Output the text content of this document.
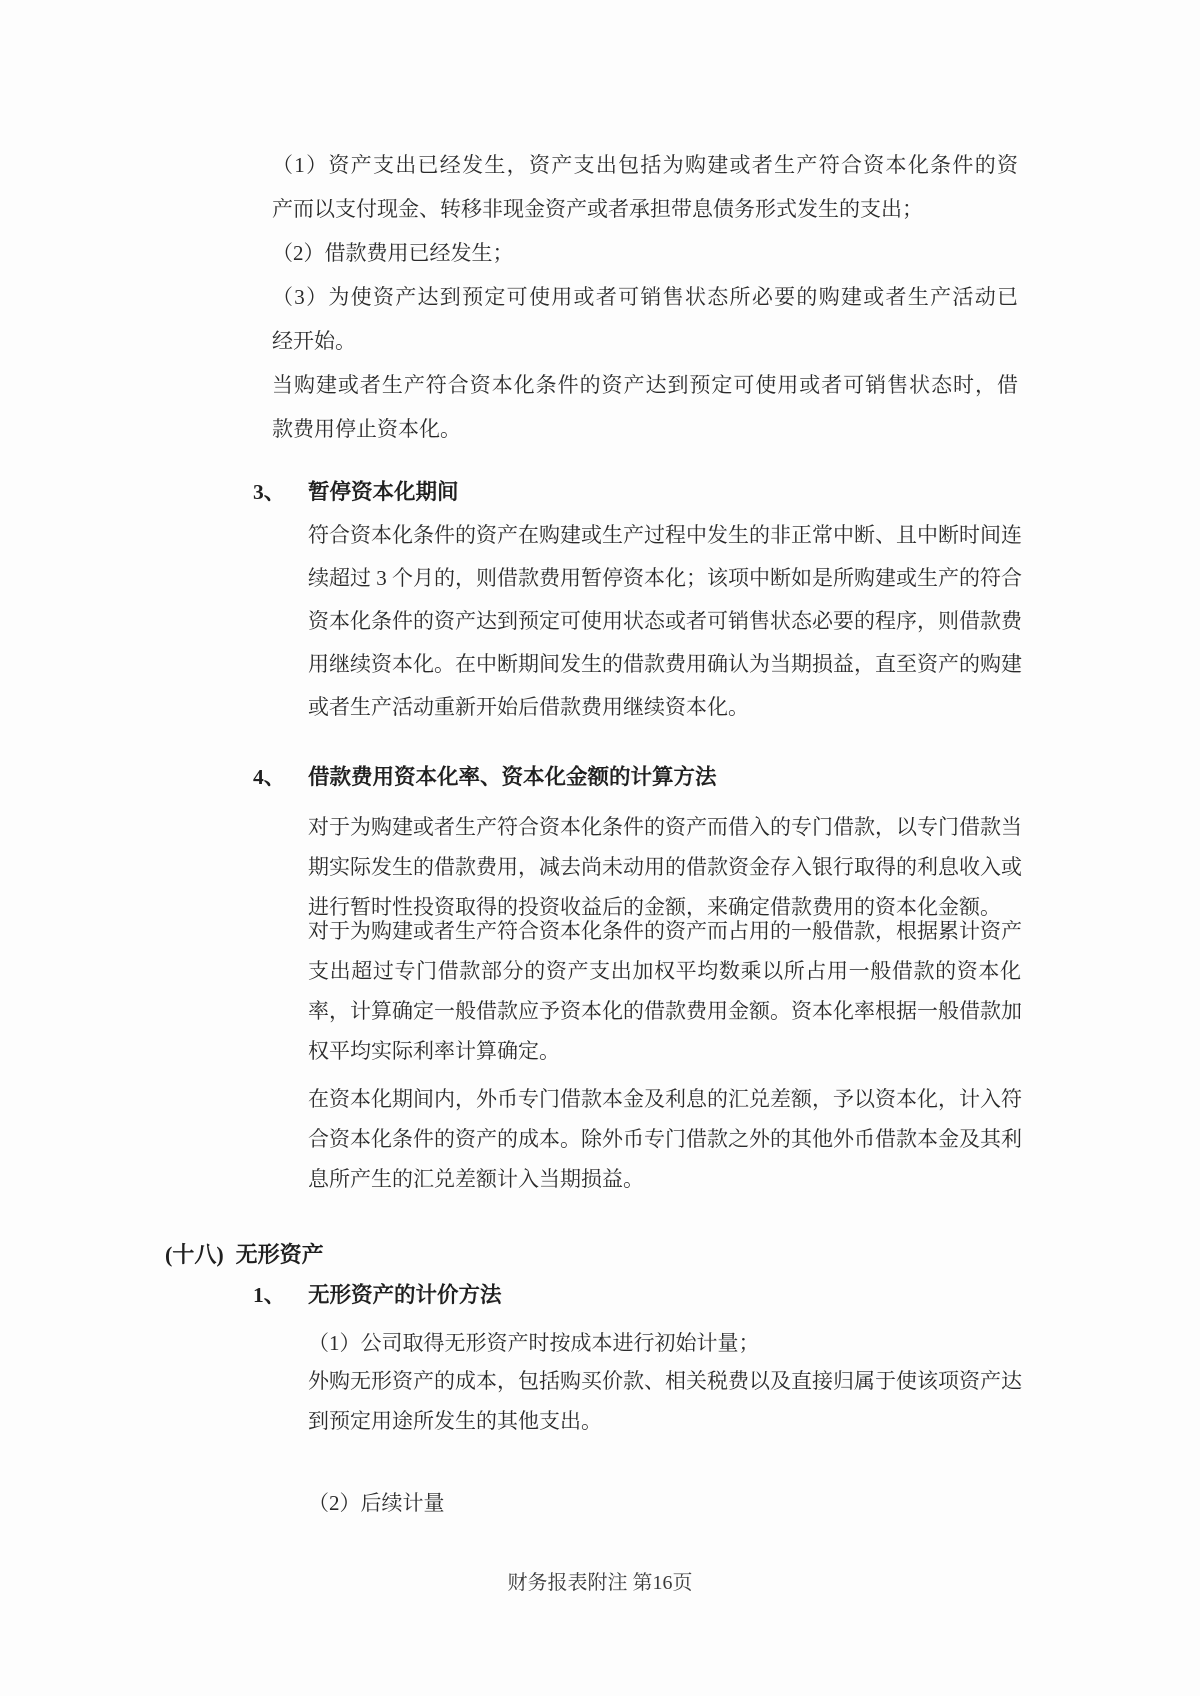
（1）资产支出已经发生，资产支出包括为购建或者生产符合资本化条件的资
产而以支付现金、转移非现金资产或者承担带息债务形式发生的支出；
（2）借款费用已经发生；
（3）为使资产达到预定可使用或者可销售状态所必要的购建或者生产活动已
经开始。
当购建或者生产符合资本化条件的资产达到预定可使用或者可销售状态时，借
款费用停止资本化。
3、 暂停资本化期间
符合资本化条件的资产在购建或生产过程中发生的非正常中断、且中断时间连
续超过 3 个月的，则借款费用暂停资本化；该项中断如是所购建或生产的符合
资本化条件的资产达到预定可使用状态或者可销售状态必要的程序，则借款费
用继续资本化。在中断期间发生的借款费用确认为当期损益，直至资产的购建
或者生产活动重新开始后借款费用继续资本化。
4、 借款费用资本化率、资本化金额的计算方法
对于为购建或者生产符合资本化条件的资产而借入的专门借款，以专门借款当
期实际发生的借款费用，减去尚未动用的借款资金存入银行取得的利息收入或
进行暂时性投资取得的投资收益后的金额，来确定借款费用的资本化金额。
对于为购建或者生产符合资本化条件的资产而占用的一般借款，根据累计资产
支出超过专门借款部分的资产支出加权平均数乘以所占用一般借款的资本化
率，计算确定一般借款应予资本化的借款费用金额。资本化率根据一般借款加
权平均实际利率计算确定。
在资本化期间内，外币专门借款本金及利息的汇兑差额，予以资本化，计入符
合资本化条件的资产的成本。除外币专门借款之外的其他外币借款本金及其利
息所产生的汇兑差额计入当期损益。
(十八) 无形资产
1、 无形资产的计价方法
（1）公司取得无形资产时按成本进行初始计量；
外购无形资产的成本，包括购买价款、相关税费以及直接归属于使该项资产达
到预定用途所发生的其他支出。
（2）后续计量
财务报表附注 第16页
